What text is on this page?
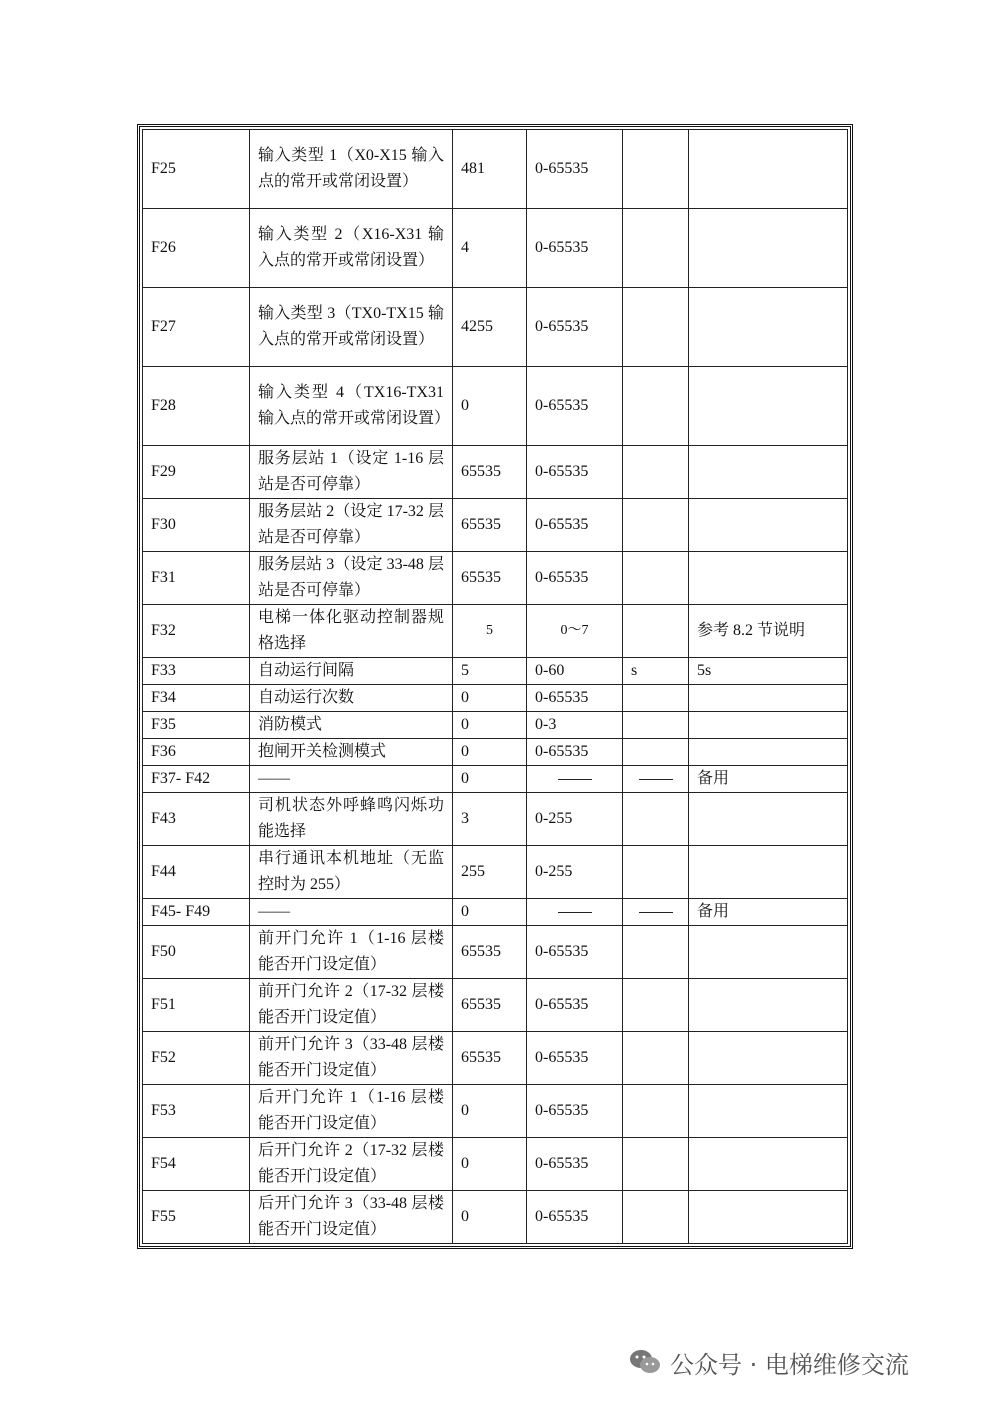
F25	输入类型 1（X0-X15 输入点的常开或常闭设置）	481	0-65535		
F26	输入类型 2（X16-X31 输入点的常开或常闭设置）	4	0-65535		
F27	输入类型 3（TX0-TX15 输入点的常开或常闭设置）	4255	0-65535		
F28	输入类型 4（TX16-TX31 输入点的常开或常闭设置）	0	0-65535		
F29	服务层站 1（设定 1-16 层站是否可停靠）	65535	0-65535		
F30	服务层站 2（设定 17-32 层站是否可停靠）	65535	0-65535		
F31	服务层站 3（设定 33-48 层站是否可停靠）	65535	0-65535		
F32	电梯一体化驱动控制器规格选择	5	0～7		参考 8.2 节说明
F33	自动运行间隔	5	0-60	s	5s
F34	自动运行次数	0	0-65535		
F35	消防模式	0	0-3		
F36	抱闸开关检测模式	0	0-65535		
F37- F42	——	0			备用
F43	司机状态外呼蜂鸣闪烁功能选择	3	0-255		
F44	串行通讯本机地址（无监控时为 255）	255	0-255		
F45- F49	——	0			备用
F50	前开门允许 1（1-16 层楼能否开门设定值）	65535	0-65535		
F51	前开门允许 2（17-32 层楼能否开门设定值）	65535	0-65535		
F52	前开门允许 3（33-48 层楼能否开门设定值）	65535	0-65535		
F53	后开门允许 1（1-16 层楼能否开门设定值）	0	0-65535		
F54	后开门允许 2（17-32 层楼能否开门设定值）	0	0-65535		
F55	后开门允许 3（33-48 层楼能否开门设定值）	0	0-65535		
公众号 · 电梯维修交流
